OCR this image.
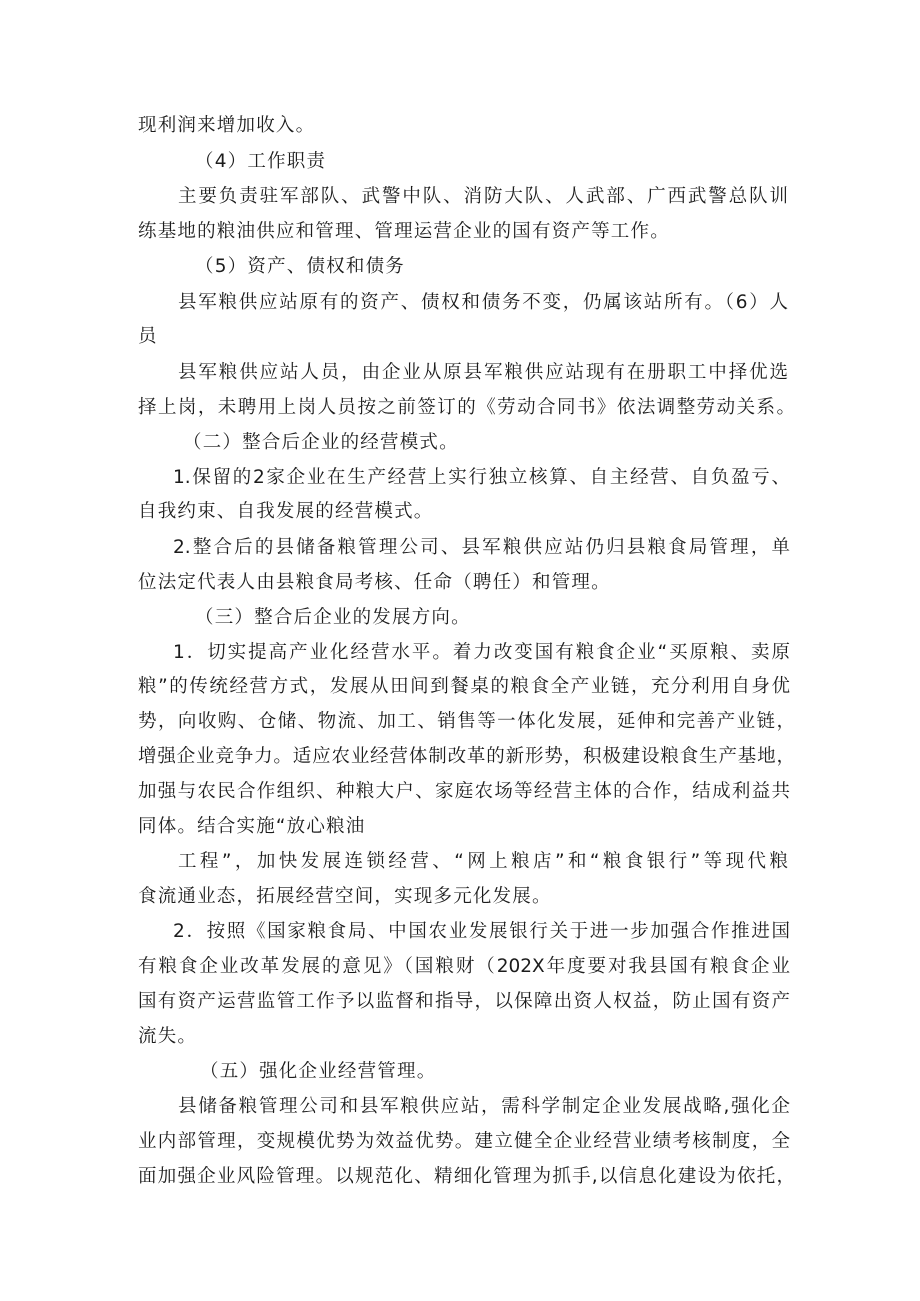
现利润来增加收入。
（4）工作职责
主要负责驻军部队、武警中队、消防大队、人武部、广西武警总队训
练基地的粮油供应和管理、管理运营企业的国有资产等工作。
（5）资产、债权和债务
县军粮供应站原有的资产、债权和债务不变，仍属该站所有。（6）人
员
县军粮供应站人员，由企业从原县军粮供应站现有在册职工中择优选
择上岗，未聘用上岗人员按之前签订的《劳动合同书》依法调整劳动关系。
（二）整合后企业的经营模式。
1.保留的2家企业在生产经营上实行独立核算、自主经营、自负盈亏、
自我约束、自我发展的经营模式。
2.整合后的县储备粮管理公司、县军粮供应站仍归县粮食局管理，单
位法定代表人由县粮食局考核、任命（聘任）和管理。
（三）整合后企业的发展方向。
1．切实提高产业化经营水平。着力改变国有粮食企业“买原粮、卖原
粮”的传统经营方式，发展从田间到餐桌的粮食全产业链，充分利用自身优
势，向收购、仓储、物流、加工、销售等一体化发展，延伸和完善产业链，
增强企业竞争力。适应农业经营体制改革的新形势，积极建设粮食生产基地，
加强与农民合作组织、种粮大户、家庭农场等经营主体的合作，结成利益共
同体。结合实施“放心粮油
工程”，加快发展连锁经营、“网上粮店”和“粮食银行”等现代粮
食流通业态，拓展经营空间，实现多元化发展。
2．按照《国家粮食局、中国农业发展银行关于进一步加强合作推进国
有粮食企业改革发展的意见》（国粮财（202X年度要对我县国有粮食企业
国有资产运营监管工作予以监督和指导，以保障出资人权益，防止国有资产
流失。
（五）强化企业经营管理。
县储备粮管理公司和县军粮供应站，需科学制定企业发展战略,强化企
业内部管理，变规模优势为效益优势。建立健全企业经营业绩考核制度，全
面加强企业风险管理。以规范化、精细化管理为抓手,以信息化建设为依托，
